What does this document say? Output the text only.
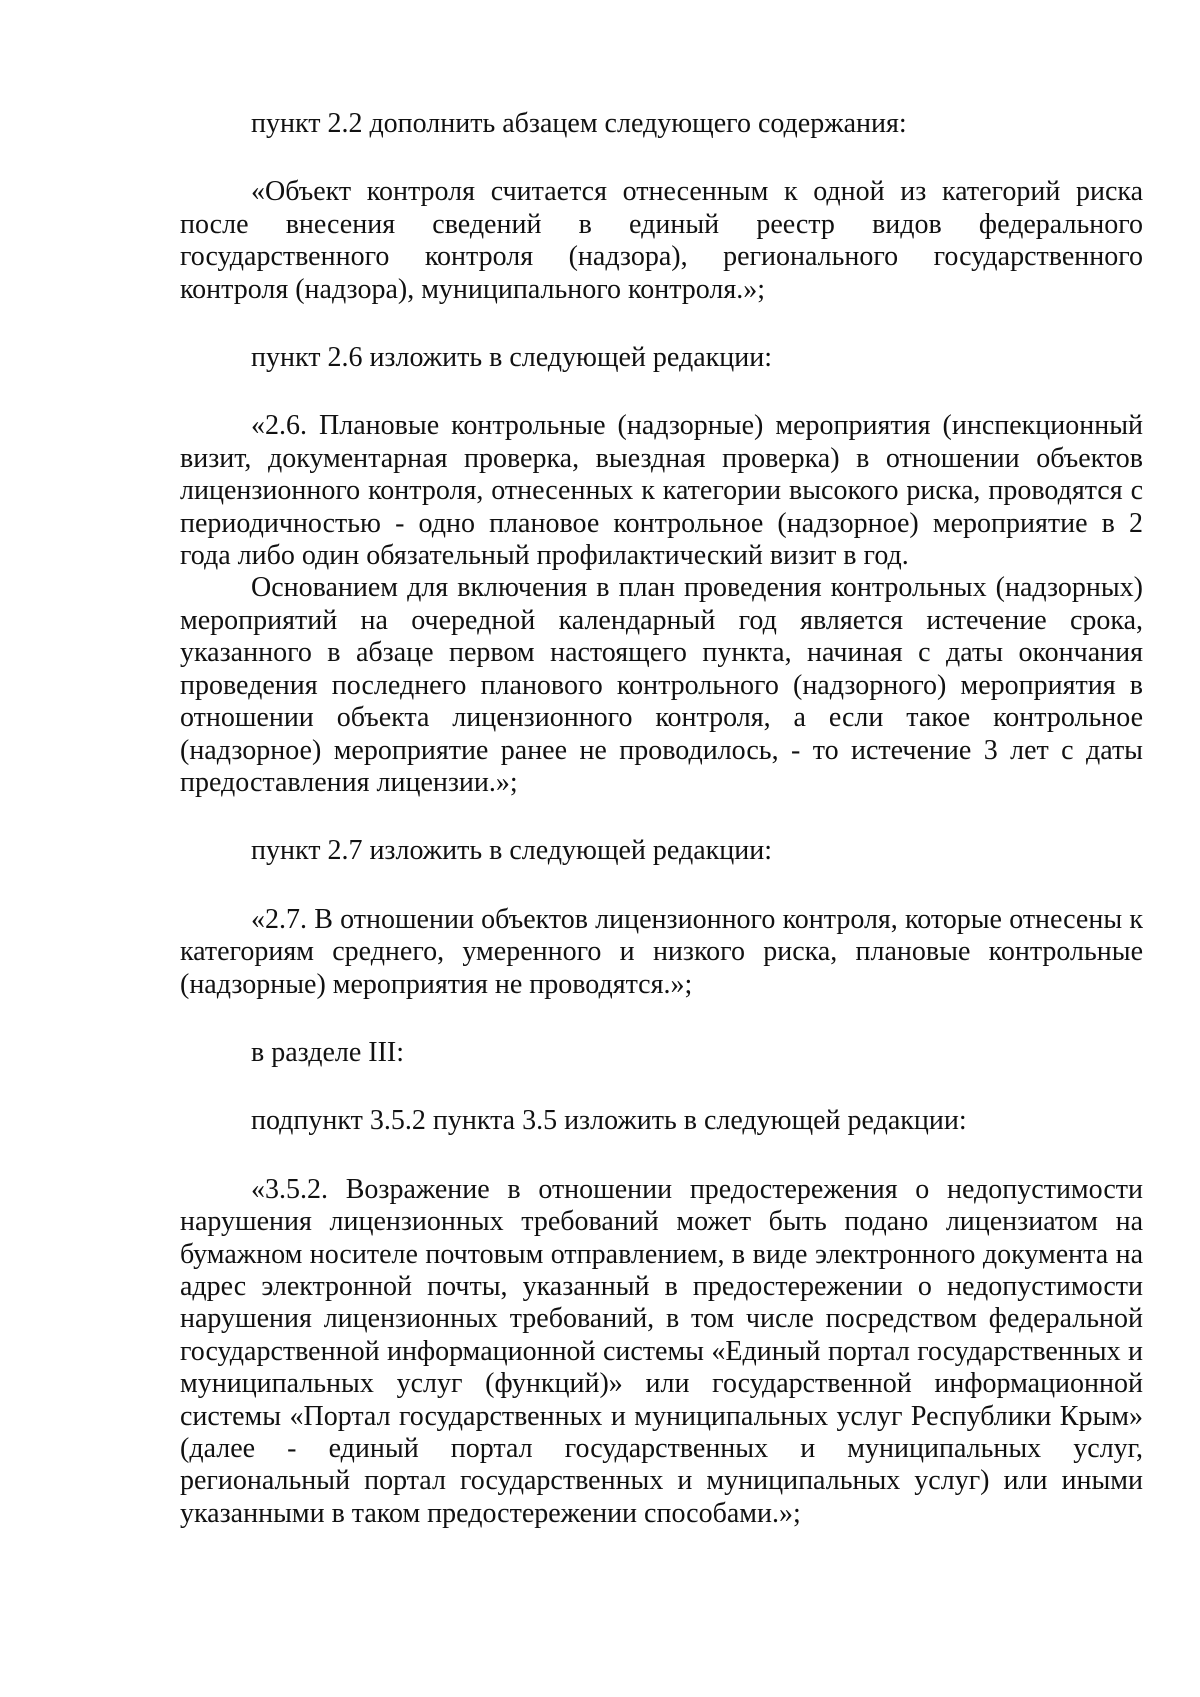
пункт 2.2 дополнить абзацем следующего содержания:

«Объект контроля считается отнесенным к одной из категорий риска после внесения сведений в единый реестр видов федерального государственного контроля (надзора), регионального государственного контроля (надзора), муниципального контроля.»;

пункт 2.6 изложить в следующей редакции:

«2.6. Плановые контрольные (надзорные) мероприятия (инспекционный визит, документарная проверка, выездная проверка) в отношении объектов лицензионного контроля, отнесенных к категории высокого риска, проводятся с периодичностью - одно плановое контрольное (надзорное) мероприятие в 2 года либо один обязательный профилактический визит в год.

Основанием для включения в план проведения контрольных (надзорных) мероприятий на очередной календарный год является истечение срока, указанного в абзаце первом настоящего пункта, начиная с даты окончания проведения последнего планового контрольного (надзорного) мероприятия в отношении объекта лицензионного контроля, а если такое контрольное (надзорное) мероприятие ранее не проводилось, - то истечение 3 лет с даты предоставления лицензии.»;

пункт 2.7 изложить в следующей редакции:

«2.7. В отношении объектов лицензионного контроля, которые отнесены к категориям среднего, умеренного и низкого риска, плановые контрольные (надзорные) мероприятия не проводятся.»;

в разделе III:

подпункт 3.5.2 пункта 3.5 изложить в следующей редакции:

«3.5.2. Возражение в отношении предостережения о недопустимости нарушения лицензионных требований может быть подано лицензиатом на бумажном носителе почтовым отправлением, в виде электронного документа на адрес электронной почты, указанный в предостережении о недопустимости нарушения лицензионных требований, в том числе посредством федеральной государственной информационной системы «Единый портал государственных и муниципальных услуг (функций)» или государственной информационной системы «Портал государственных и муниципальных услуг Республики Крым» (далее - единый портал государственных и муниципальных услуг, региональный портал государственных и муниципальных услуг) или иными указанными в таком предостережении способами.»;
